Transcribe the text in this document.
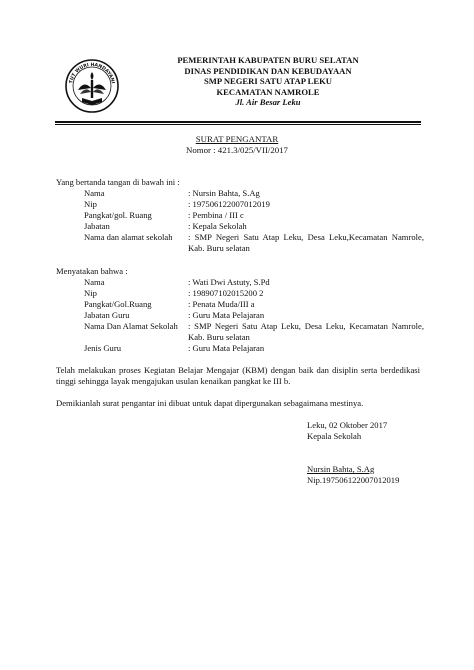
TUT WURI HANDAYANI
PEMERINTAH KABUPATEN BURU SELATAN
DINAS PENDIDIKAN DAN KEBUDAYAAN
SMP NEGERI SATU ATAP LEKU
KECAMATAN NAMROLE
Jl. Air Besar Leku
SURAT PENGANTAR
Nomor : 421.3/025/VII/2017
Yang bertanda tangan di bawah ini :
Nama	: Nursin Bahta, S.Ag
Nip	: 197506122007012019
Pangkat/gol. Ruang	: Pembina / III c
Jabatan	: Kepala Sekolah
Nama dan alamat sekolah : SMP Negeri Satu Atap Leku, Desa Leku,Kecamatan Namrole, Kab. Buru selatan
Menyatakan bahwa :
Nama	: Wati Dwi Astuty, S.Pd
Nip	: 198907102015200 2
Pangkat/Gol.Ruang	: Penata Muda/III a
Jabatan Guru	: Guru Mata Pelajaran
Nama Dan Alamat Sekolah : SMP Negeri Satu Atap Leku, Desa Leku, Kecamatan Namrole, Kab. Buru selatan
Jenis Guru	: Guru Mata Pelajaran
Telah melakukan proses Kegiatan Belajar Mengajar (KBM) dengan baik dan disiplin serta berdedikasi tinggi sehingga layak mengajukan usulan kenaikan pangkat ke III b.
Demikianlah surat pengantar ini dibuat untuk dapat dipergunakan sebagaimana mestinya.
Leku, 02 Oktober 2017
Kepala Sekolah
Nursin Bahta, S.Ag
Nip.197506122007012019
